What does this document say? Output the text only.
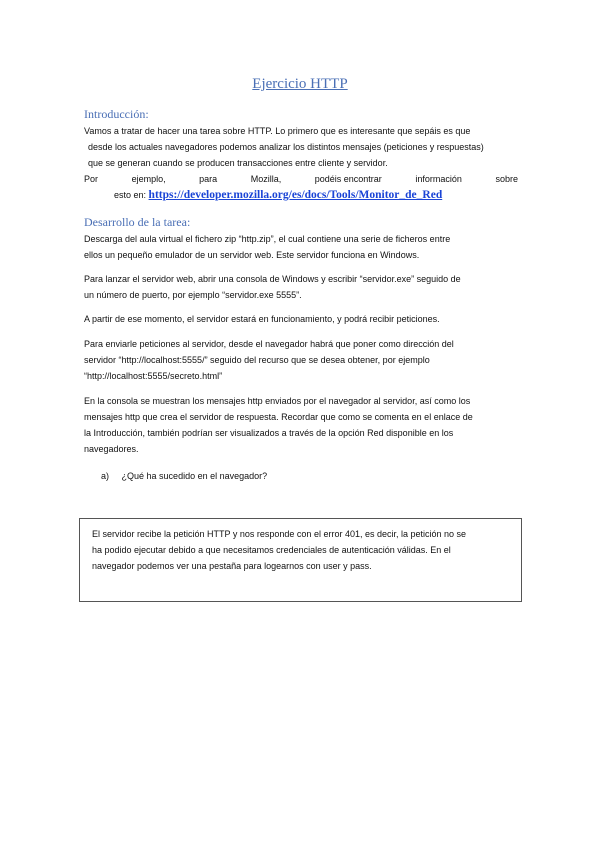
Ejercicio HTTP
Introducción:
Vamos a tratar de hacer una tarea sobre HTTP. Lo primero que es interesante que sepáis es que
desde los actuales navegadores podemos analizar los distintos mensajes (peticiones y respuestas)
que se generan cuando se producen transacciones entre cliente y servidor.
Por	ejemplo,	para	Mozilla,	podéis encontrar	información	sobre
esto en: https://developer.mozilla.org/es/docs/Tools/Monitor_de_Red
Desarrollo de la tarea:
Descarga del aula virtual el fichero zip “http.zip”, el cual contiene una serie de ficheros entre
ellos un pequeño emulador de un servidor web. Este servidor funciona en Windows.
Para lanzar el servidor web, abrir una consola de Windows y escribir “servidor.exe” seguido de
un número de puerto, por ejemplo “servidor.exe 5555”.
A partir de ese momento, el servidor estará en funcionamiento, y podrá recibir peticiones.
Para enviarle peticiones al servidor, desde el navegador habrá que poner como dirección del
servidor “http://localhost:5555/” seguido del recurso que se desea obtener, por ejemplo
“http://localhost:5555/secreto.html”
En la consola se muestran los mensajes http enviados por el navegador al servidor, así como los
mensajes http que crea el servidor de respuesta. Recordar que como se comenta en el enlace de
la Introducción, también podrían ser visualizados a través de la opción Red disponible en los
navegadores.
a) ¿Qué ha sucedido en el navegador?
El servidor recibe la petición HTTP y nos responde con el error 401, es decir, la petición no se
ha podido ejecutar debido a que necesitamos credenciales de autenticación válidas. En el
navegador podemos ver una pestaña para logearnos con user y pass.
